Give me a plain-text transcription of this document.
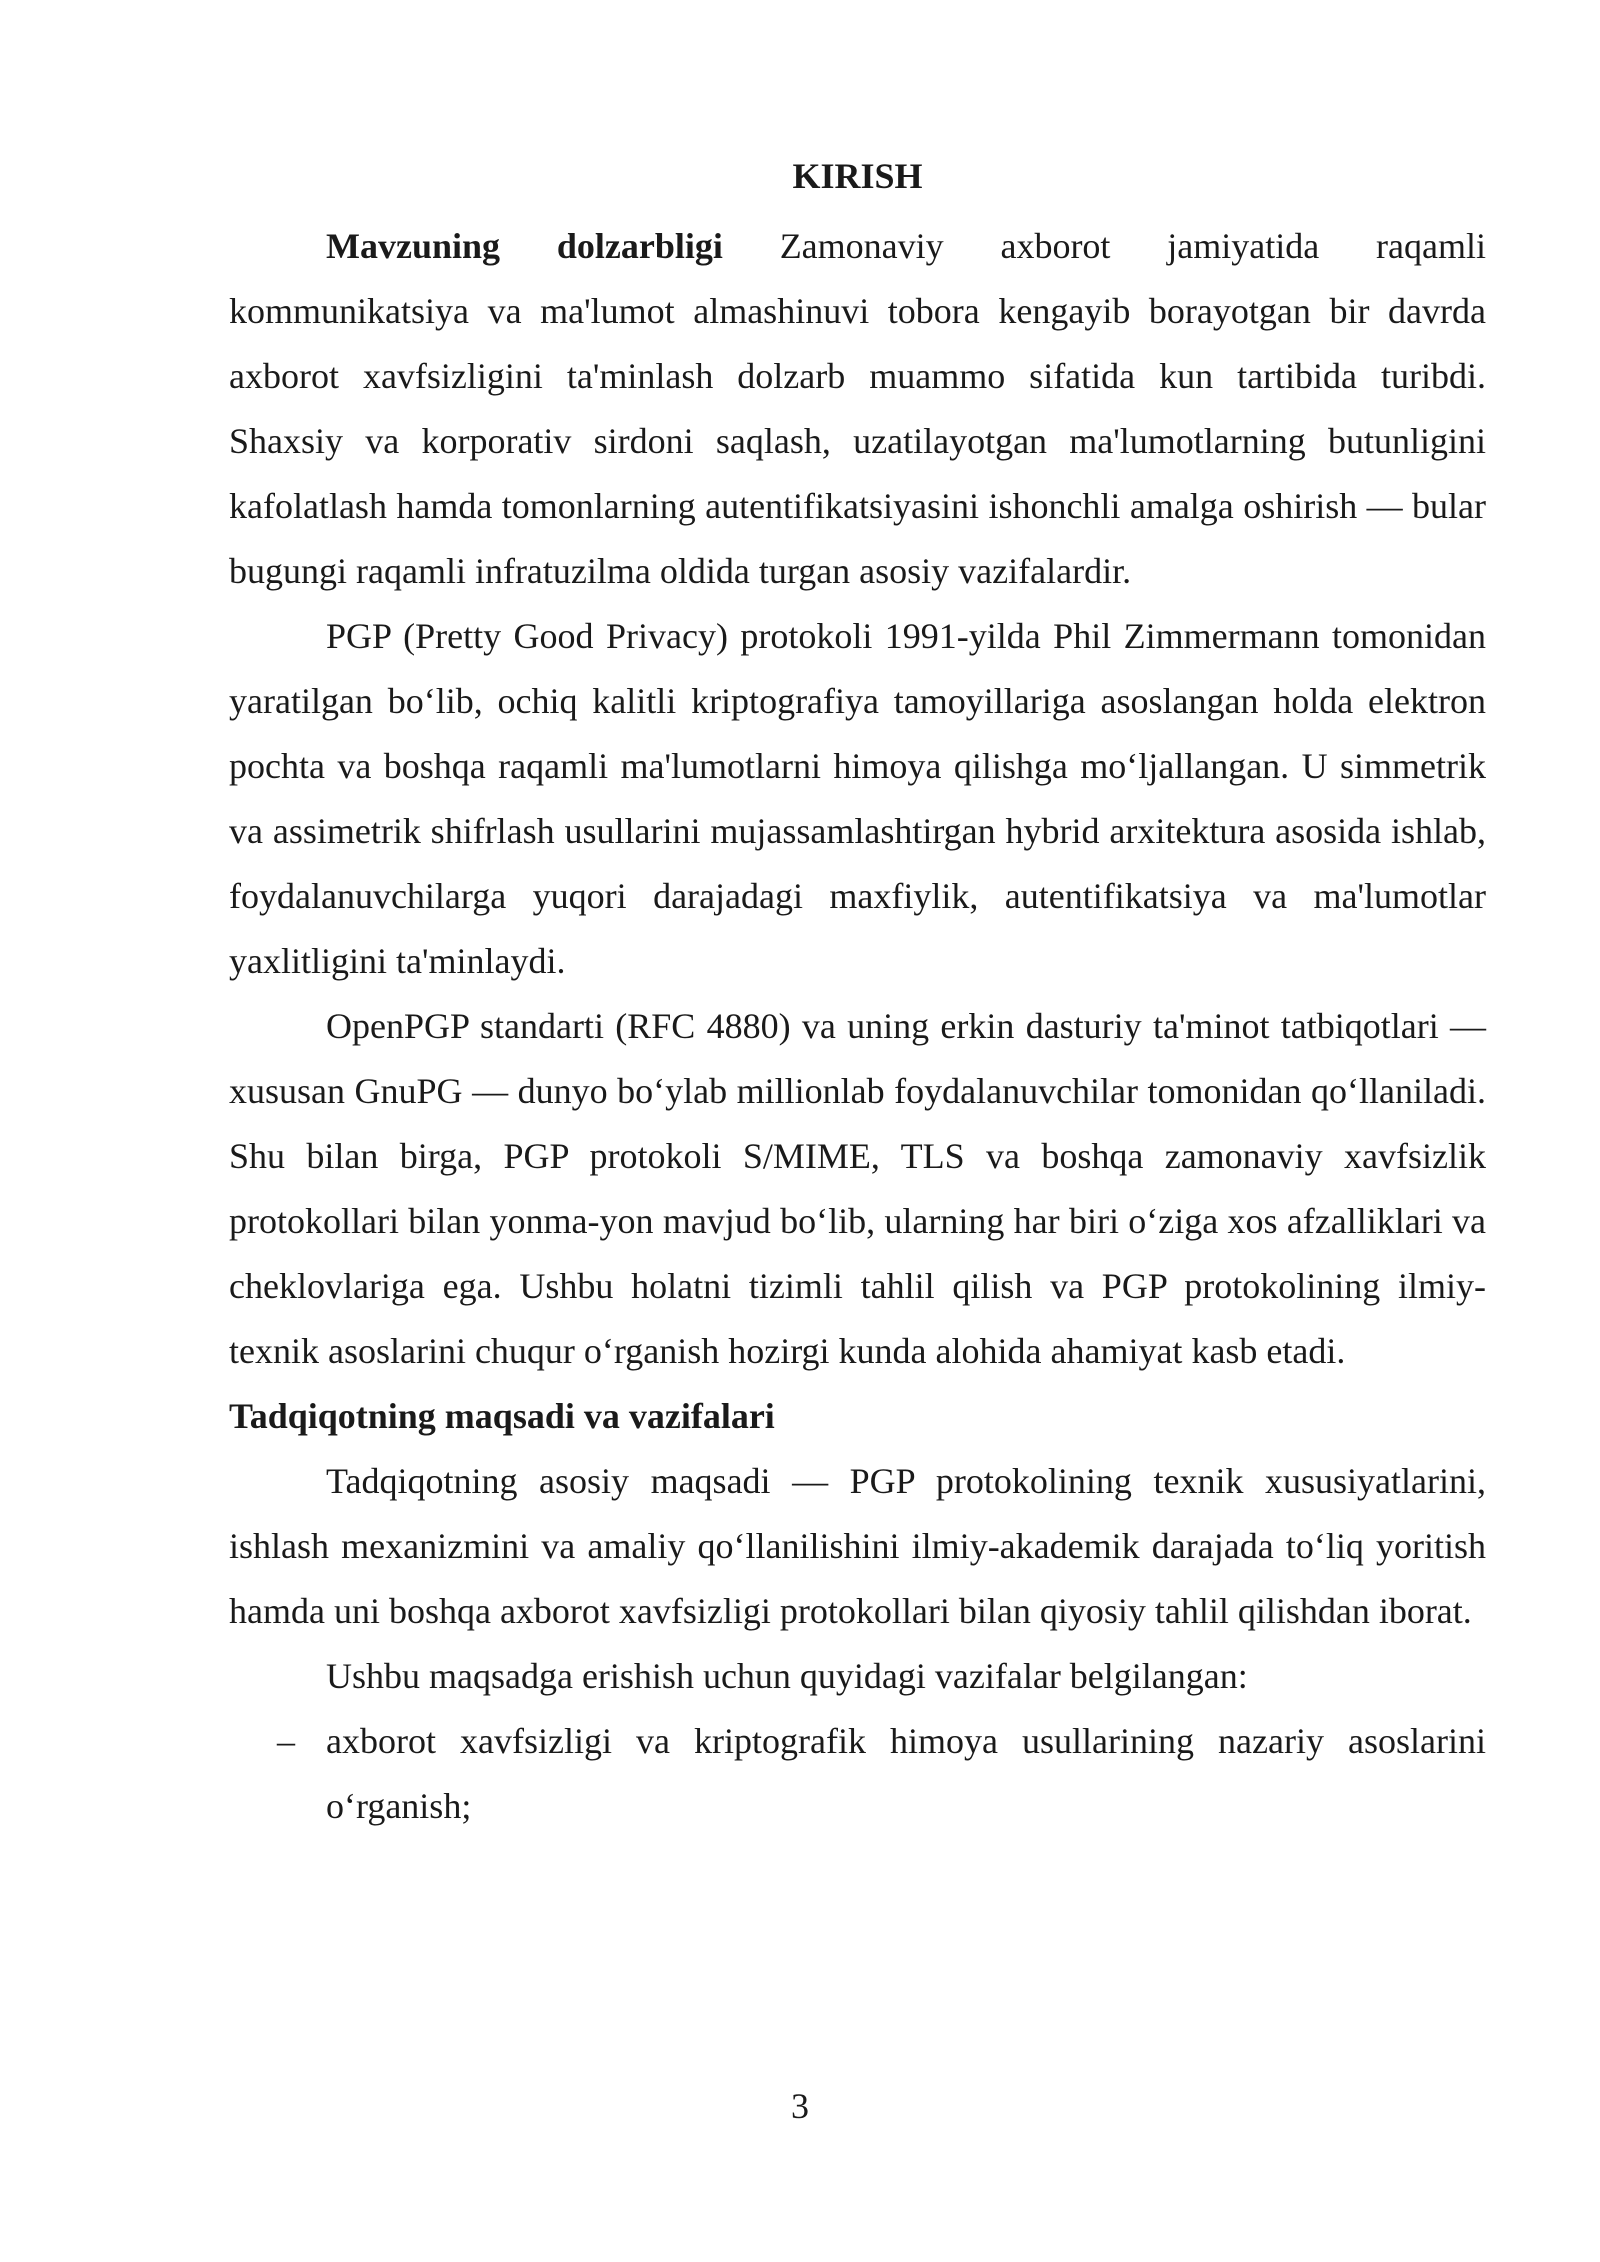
KIRISH

Mavzuning dolzarbligi Zamonaviy axborot jamiyatida raqamli kommunikatsiya va ma'lumot almashinuvi tobora kengayib borayotgan bir davrda axborot xavfsizligini ta'minlash dolzarb muammo sifatida kun tartibida turibdi. Shaxsiy va korporativ sirdoni saqlash, uzatilayotgan ma'lumotlarning butunligini kafolatlash hamda tomonlarning autentifikatsiyasini ishonchli amalga oshirish — bular bugungi raqamli infratuzilma oldida turgan asosiy vazifalardir.

PGP (Pretty Good Privacy) protokoli 1991-yilda Phil Zimmermann tomonidan yaratilgan bo‘lib, ochiq kalitli kriptografiya tamoyillariga asoslangan holda elektron pochta va boshqa raqamli ma'lumotlarni himoya qilishga mo‘ljallangan. U simmetrik va assimetrik shifrlash usullarini mujassamlashtirgan hybrid arxitektura asosida ishlab, foydalanuvchilarga yuqori darajadagi maxfiylik, autentifikatsiya va ma'lumotlar yaxlitligini ta'minlaydi.

OpenPGP standarti (RFC 4880) va uning erkin dasturiy ta'minot tatbiqotlari — xususan GnuPG — dunyo bo‘ylab millionlab foydalanuvchilar tomonidan qo‘llaniladi. Shu bilan birga, PGP protokoli S/MIME, TLS va boshqa zamonaviy xavfsizlik protokollari bilan yonma-yon mavjud bo‘lib, ularning har biri o‘ziga xos afzalliklari va cheklovlariga ega. Ushbu holatni tizimli tahlil qilish va PGP protokolining ilmiy-texnik asoslarini chuqur o‘rganish hozirgi kunda alohida ahamiyat kasb etadi.

Tadqiqotning maqsadi va vazifalari

Tadqiqotning asosiy maqsadi — PGP protokolining texnik xususiyatlarini, ishlash mexanizmini va amaliy qo‘llanilishini ilmiy-akademik darajada to‘liq yoritish hamda uni boshqa axborot xavfsizligi protokollari bilan qiyosiy tahlil qilishdan iborat.

Ushbu maqsadga erishish uchun quyidagi vazifalar belgilangan:

– axborot xavfsizligi va kriptografik himoya usullarining nazariy asoslarini o‘rganish;
3
